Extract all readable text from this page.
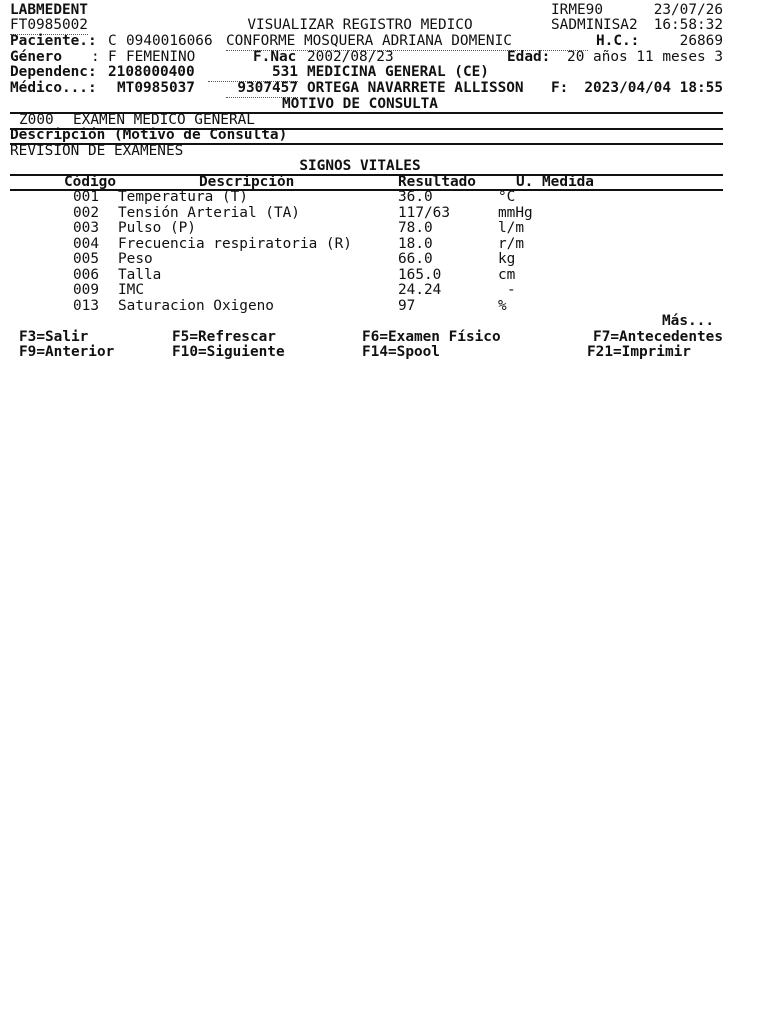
LABMEDENT	IRME90	23/07/26
FT0985002	VISUALIZAR REGISTRO MEDICO	SADMINISA2	16:58:32
Paciente.: C 0940016066 CONFORME MOSQUERA ADRIANA DOMENIC	H.C.:	26869
Género : F FEMENINO	F.Nac 2002/08/23	Edad:	20 años 11 meses 3
Dependenc: 2108000400	531 MEDICINA GENERAL (CE)
Médico...: MT0985037	9307457 ORTEGA NAVARRETE ALLISSON F:	2023/04/04 18:55
MOTIVO DE CONSULTA
Z000 EXAMEN MEDICO GENERAL
Descripción (Motivo de Consulta)
REVISION DE EXAMENES
SIGNOS VITALES
Código	Descripción	Resultado	U. Medida
001 Temperatura (T)	36.0	°C
002 Tensión Arterial (TA)	117/63	mmHg
003 Pulso (P)	78.0	l/m
004 Frecuencia respiratoria (R)	18.0	r/m
005 Peso	66.0	kg
006 Talla	165.0	cm
009 IMC	24.24	-
013 Saturacion Oxigeno	97	%
Más...
F3=Salir	F5=Refrescar	F6=Examen Físico	F7=Antecedentes
F9=Anterior	F10=Siguiente	F14=Spool	F21=Imprimir
